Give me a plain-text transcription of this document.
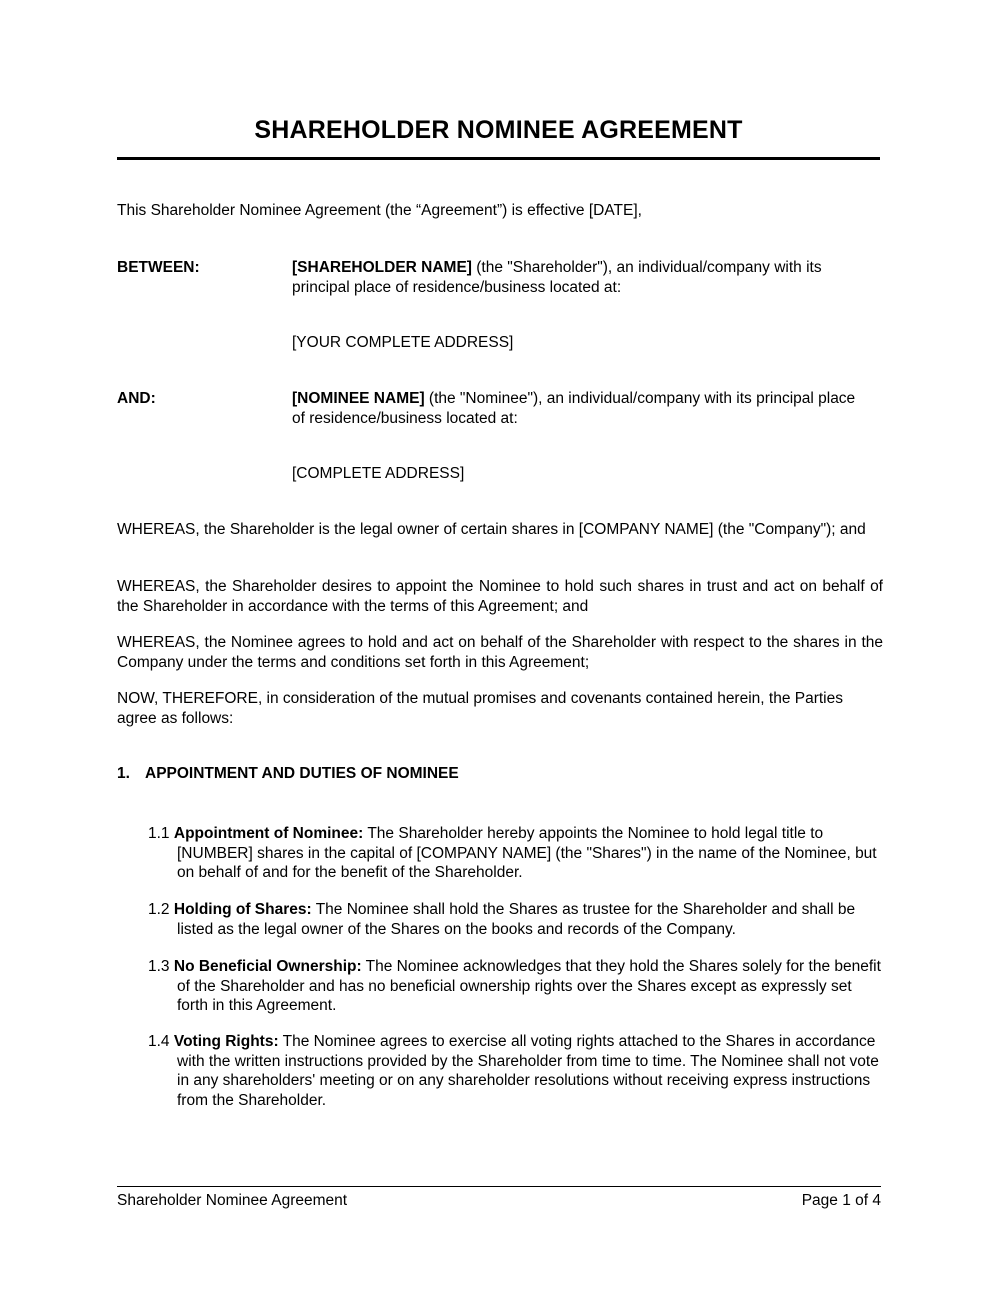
SHAREHOLDER NOMINEE AGREEMENT

This Shareholder Nominee Agreement (the “Agreement”) is effective [DATE],

BETWEEN:	[SHAREHOLDER NAME] (the "Shareholder"), an individual/company with its principal place of residence/business located at:
[YOUR COMPLETE ADDRESS]
AND:	[NOMINEE NAME] (the "Nominee"), an individual/company with its principal place of residence/business located at:
[COMPLETE ADDRESS]

WHEREAS, the Shareholder is the legal owner of certain shares in [COMPANY NAME] (the "Company"); and

WHEREAS, the Shareholder desires to appoint the Nominee to hold such shares in trust and act on behalf of the Shareholder in accordance with the terms of this Agreement; and

WHEREAS, the Nominee agrees to hold and act on behalf of the Shareholder with respect to the shares in the Company under the terms and conditions set forth in this Agreement;

NOW, THEREFORE, in consideration of the mutual promises and covenants contained herein, the Parties agree as follows:

1. APPOINTMENT AND DUTIES OF NOMINEE
1.1 Appointment of Nominee: The Shareholder hereby appoints the Nominee to hold legal title to [NUMBER] shares in the capital of [COMPANY NAME] (the "Shares") in the name of the Nominee, but on behalf of and for the benefit of the Shareholder.
1.2 Holding of Shares: The Nominee shall hold the Shares as trustee for the Shareholder and shall be listed as the legal owner of the Shares on the books and records of the Company.
1.3 No Beneficial Ownership: The Nominee acknowledges that they hold the Shares solely for the benefit of the Shareholder and has no beneficial ownership rights over the Shares except as expressly set forth in this Agreement.
1.4 Voting Rights: The Nominee agrees to exercise all voting rights attached to the Shares in accordance with the written instructions provided by the Shareholder from time to time. The Nominee shall not vote in any shareholders' meeting or on any shareholder resolutions without receiving express instructions from the Shareholder.
Shareholder Nominee Agreement	Page 1 of 4
